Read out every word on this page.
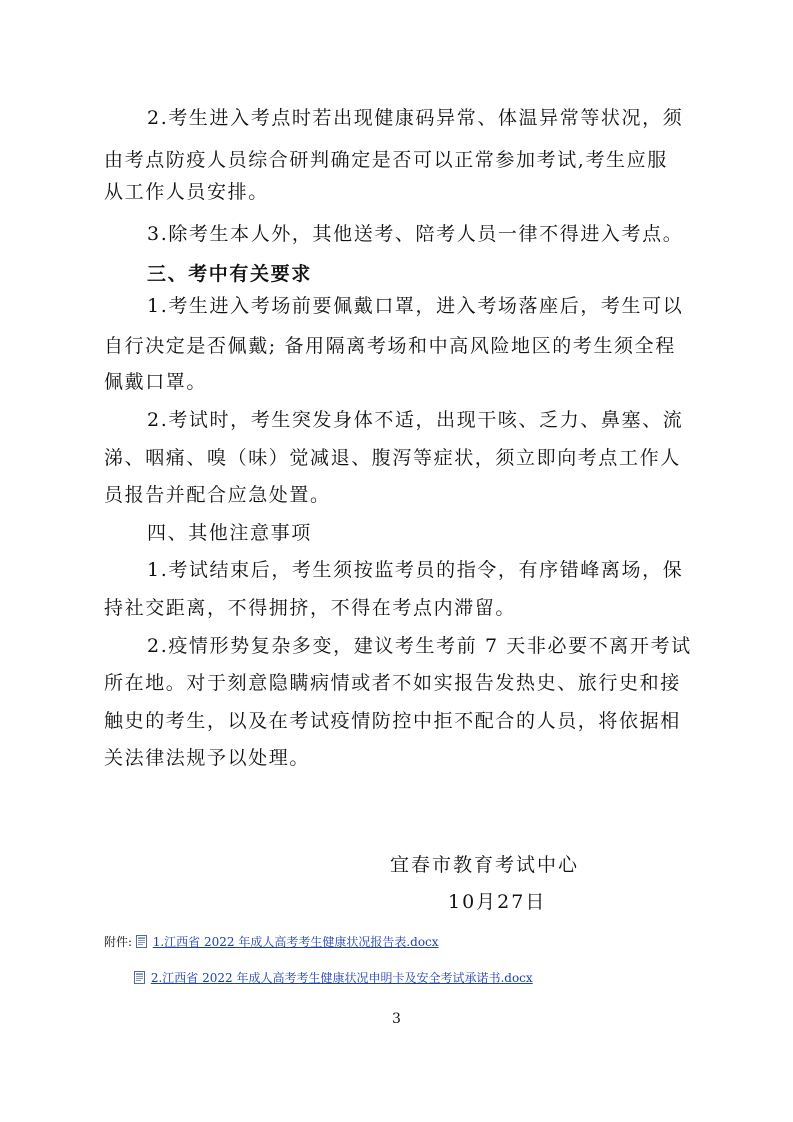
2.考生进入考点时若出现健康码异常、体温异常等状况，须
由考点防疫人员综合研判确定是否可以正常参加考试,考生应服
从工作人员安排。
3.除考生本人外，其他送考、陪考人员一律不得进入考点。
三、考中有关要求
1.考生进入考场前要佩戴口罩，进入考场落座后，考生可以
自行决定是否佩戴; 备用隔离考场和中高风险地区的考生须全程
佩戴口罩。
2.考试时，考生突发身体不适，出现干咳、乏力、鼻塞、流
涕、咽痛、嗅（味）觉减退、腹泻等症状，须立即向考点工作人
员报告并配合应急处置。
四、其他注意事项
1.考试结束后，考生须按监考员的指令，有序错峰离场，保
持社交距离，不得拥挤，不得在考点内滞留。
2.疫情形势复杂多变，建议考生考前 7 天非必要不离开考试
所在地。对于刻意隐瞒病情或者不如实报告发热史、旅行史和接
触史的考生，以及在考试疫情防控中拒不配合的人员，将依据相
关法律法规予以处理。
宜春市教育考试中心
10月27日
附件: 1.江西省 2022 年成人高考考生健康状况报告表.docx
2.江西省 2022 年成人高考考生健康状况申明卡及安全考试承诺书.docx
3
